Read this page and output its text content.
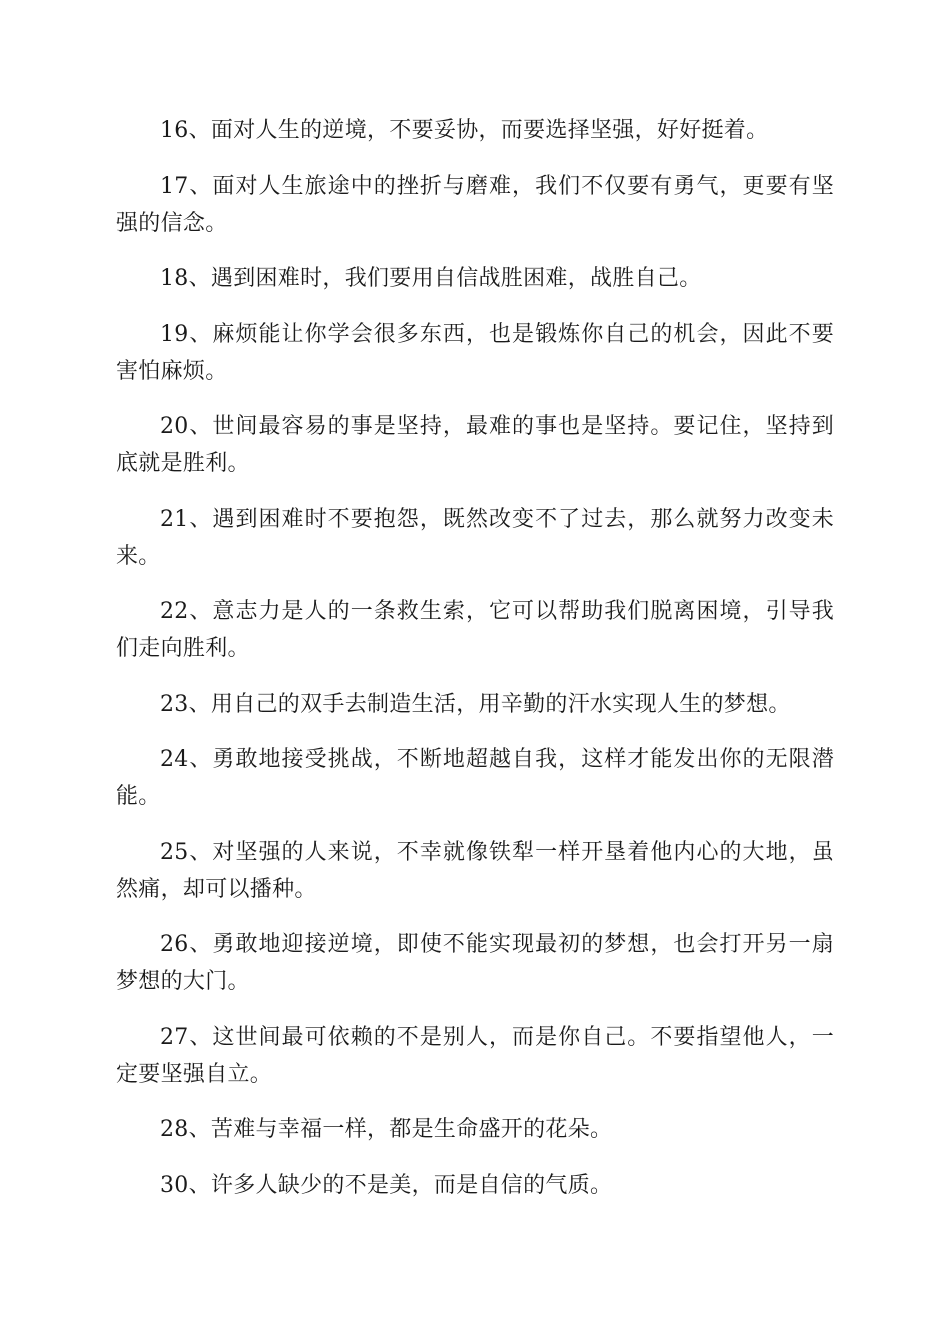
16、面对人生的逆境，不要妥协，而要选择坚强，好好挺着。

17、面对人生旅途中的挫折与磨难，我们不仅要有勇气，更要有坚强的信念。

18、遇到困难时，我们要用自信战胜困难，战胜自己。

19、麻烦能让你学会很多东西，也是锻炼你自己的机会，因此不要害怕麻烦。

20、世间最容易的事是坚持，最难的事也是坚持。要记住，坚持到底就是胜利。

21、遇到困难时不要抱怨，既然改变不了过去，那么就努力改变未来。

22、意志力是人的一条救生索，它可以帮助我们脱离困境，引导我们走向胜利。

23、用自己的双手去制造生活，用辛勤的汗水实现人生的梦想。

24、勇敢地接受挑战，不断地超越自我，这样才能发出你的无限潜能。

25、对坚强的人来说，不幸就像铁犁一样开垦着他内心的大地，虽然痛，却可以播种。

26、勇敢地迎接逆境，即使不能实现最初的梦想，也会打开另一扇梦想的大门。

27、这世间最可依赖的不是别人，而是你自己。不要指望他人，一定要坚强自立。

28、苦难与幸福一样，都是生命盛开的花朵。

30、许多人缺少的不是美，而是自信的气质。
